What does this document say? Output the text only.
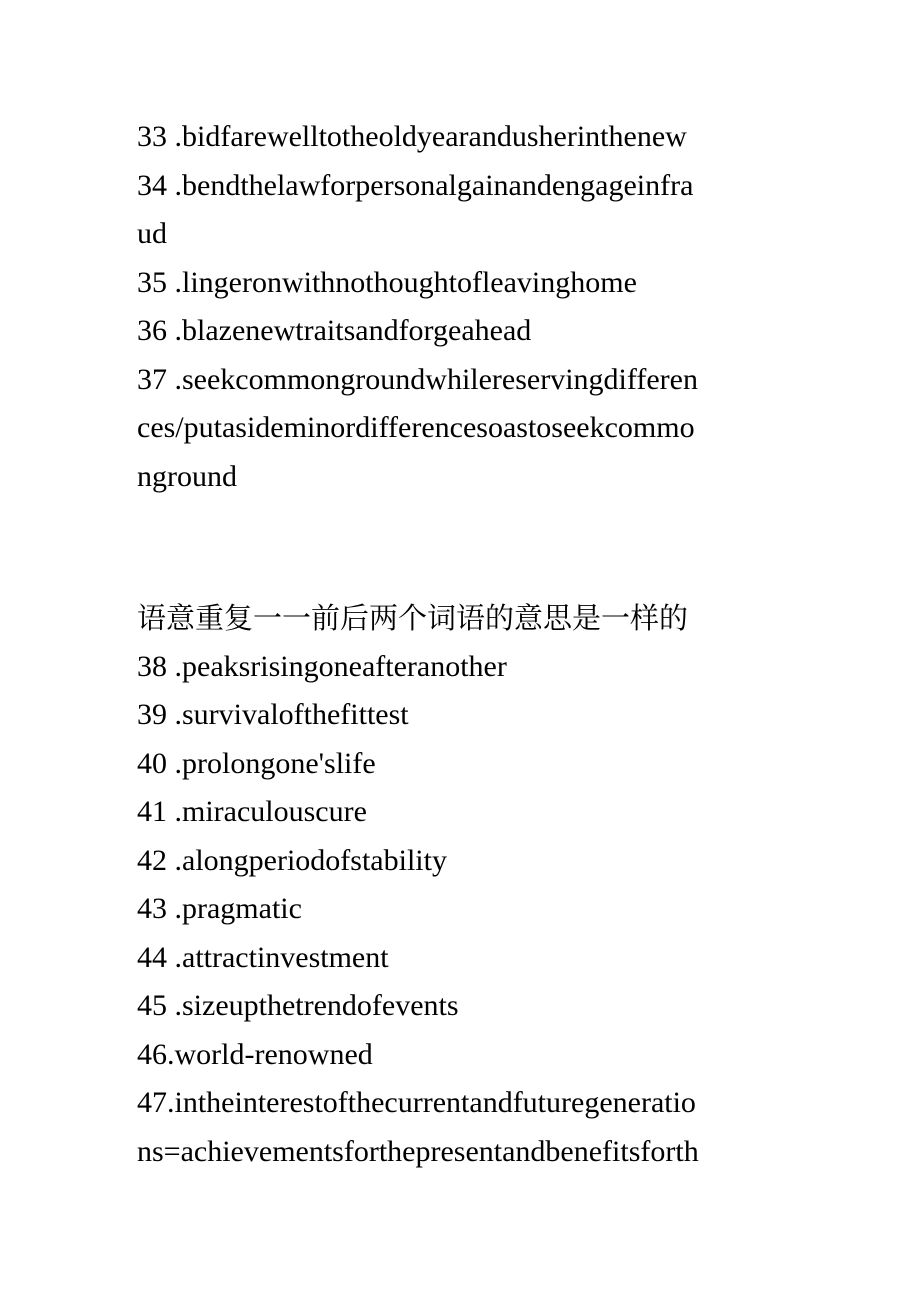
33 .bidfarewelltotheoldyearandusherinthenew

34 .bendthelawforpersonalgainandengageinfra

ud

35 .lingeronwithnothoughtofleavinghome

36 .blazenewtraitsandforgeahead

37 .seekcommongroundwhilereservingdifferen

ces/putasideminordifferencesoastoseekcommo

nground

语意重复一一前后两个词语的意思是一样的

38 .peaksrisingoneafteranother

39 .survivalofthefittest

40 .prolongone'slife

41 .miraculouscure

42 .alongperiodofstability

43 .pragmatic

44 .attractinvestment

45 .sizeupthetrendofevents

46.world-renowned

47.intheinterestofthecurrentandfuturegeneratio

ns=achievementsforthepresentandbenefitsforth
